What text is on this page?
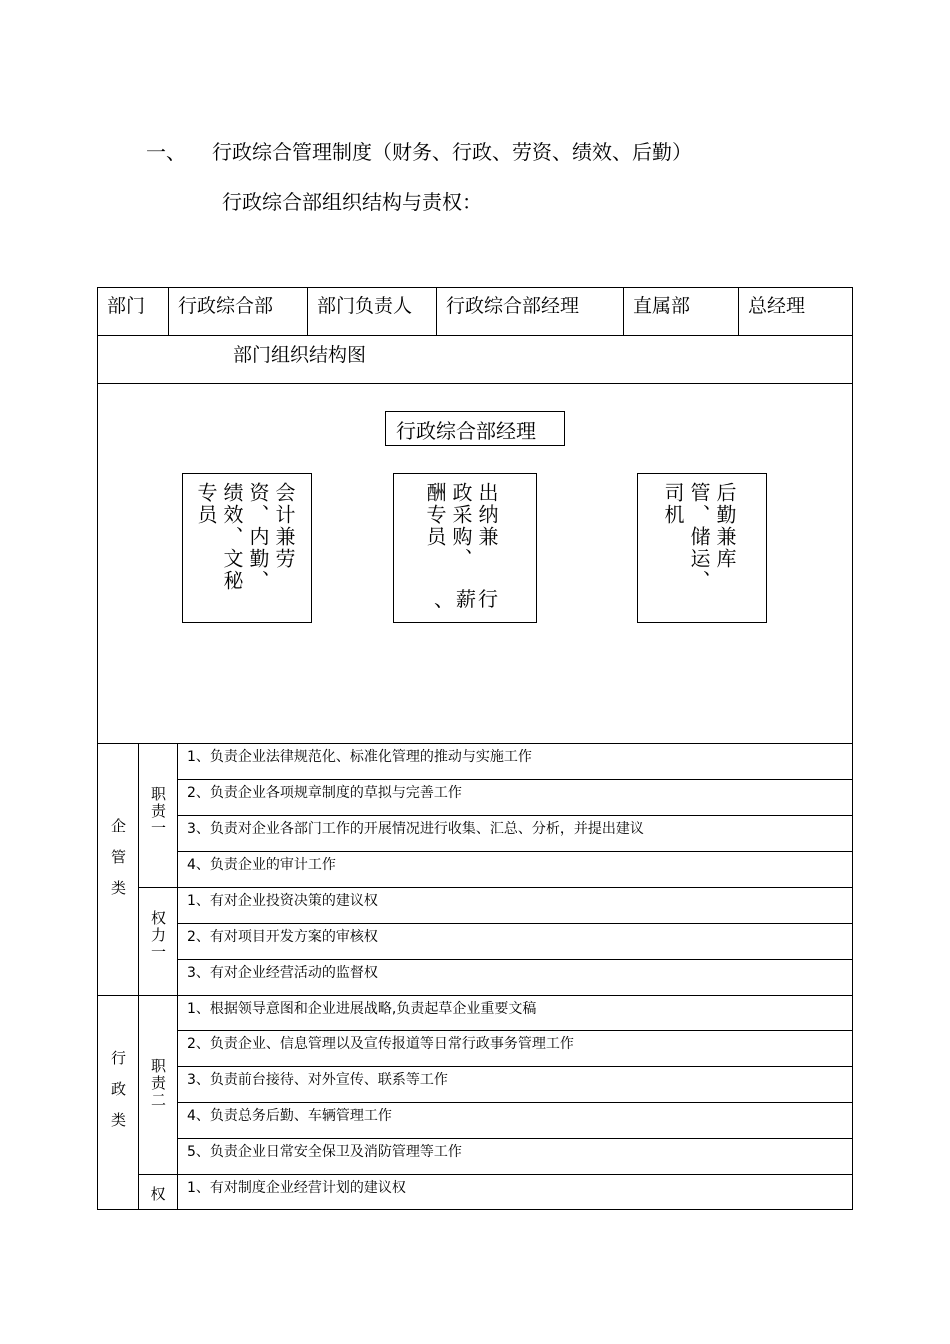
一、 行政综合管理制度（财务、行政、劳资、绩效、后勤）
行政综合部组织结构与责权：
部门 行政综合部 部门负责人 行政综合部经理	直属部	总经理
部门组织结构图
行政综合部经理
会计兼劳
资、内勤、
绩效、文秘
专员	出纳兼
政采购、
酬专员
、薪行
后勤兼库
管、储运、
司机
企管类
职责一
1、负责企业法律规范化、标准化管理的推动与实施工作
2、负责企业各项规章制度的草拟与完善工作
3、负责对企业各部门工作的开展情况进行收集、汇总、分析，并提出建议
4、负责企业的审计工作
权力一
1、有对企业投资决策的建议权
2、有对项目开发方案的审核权
3、有对企业经营活动的监督权
行政类 职责二
1、根据领导意图和企业进展战略,负责起草企业重要文稿
2、负责企业、信息管理以及宣传报道等日常行政事务管理工作
3、负责前台接待、对外宣传、联系等工作
4、负责总务后勤、车辆管理工作
5、负责企业日常安全保卫及消防管理等工作
权	1、有对制度企业经营计划的建议权
